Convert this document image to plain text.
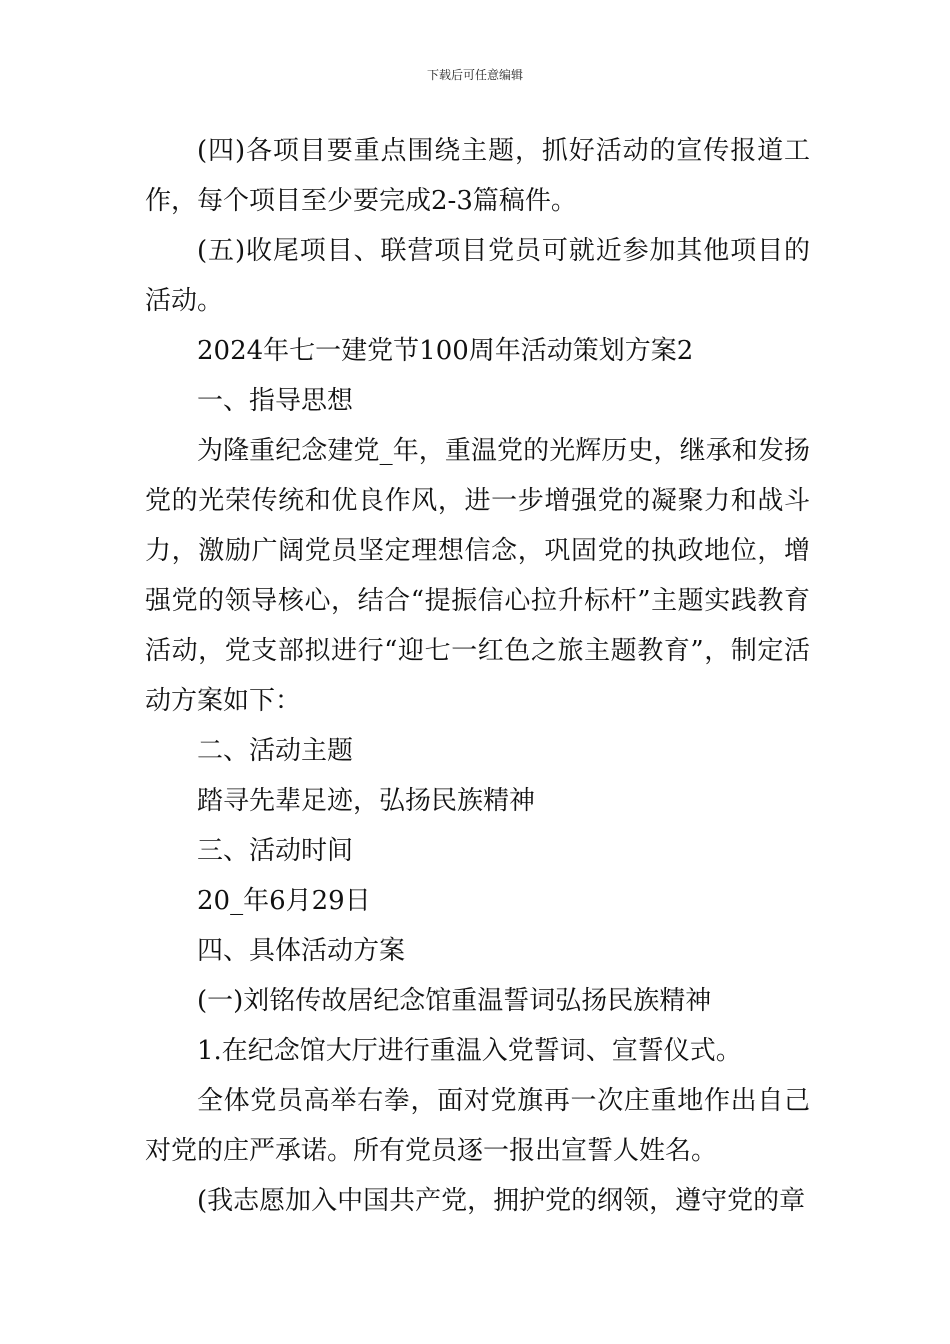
下载后可任意编辑

(四)各项目要重点围绕主题，抓好活动的宣传报道工作，每个项目至少要完成2-3篇稿件。

(五)收尾项目、联营项目党员可就近参加其他项目的活动。

2024年七一建党节100周年活动策划方案2

一、指导思想

为隆重纪念建党_年，重温党的光辉历史，继承和发扬党的光荣传统和优良作风，进一步增强党的凝聚力和战斗力，激励广阔党员坚定理想信念，巩固党的执政地位，增强党的领导核心，结合“提振信心拉升标杆”主题实践教育活动，党支部拟进行“迎七一红色之旅主题教育”，制定活动方案如下：

二、活动主题

踏寻先辈足迹，弘扬民族精神

三、活动时间

20_年6月29日

四、具体活动方案

(一)刘铭传故居纪念馆重温誓词弘扬民族精神

1.在纪念馆大厅进行重温入党誓词、宣誓仪式。

全体党员高举右拳，面对党旗再一次庄重地作出自己对党的庄严承诺。所有党员逐一报出宣誓人姓名。

(我志愿加入中国共产党，拥护党的纲领，遵守党的章
